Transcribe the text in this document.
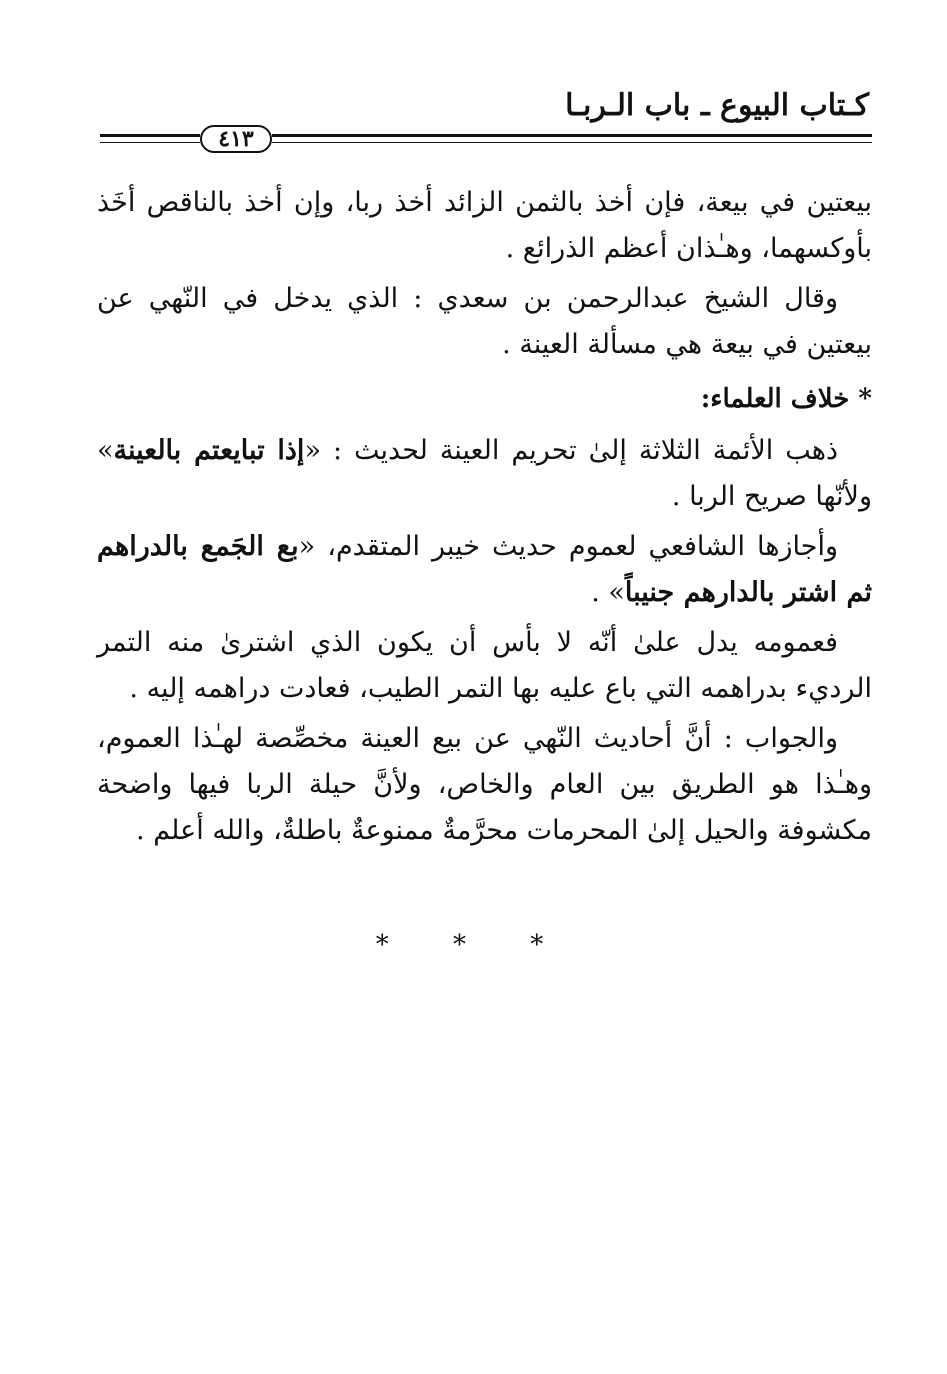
كـتاب البيوع ـ باب الـربـا
٤١٣

بيعتين في بيعة، فإن أخذ بالثمن الزائد أخذ ربا، وإن أخذ بالناقص أخَذ بأوكسهما، وهـٰذان أعظم الذرائع .

وقال الشيخ عبدالرحمن بن سعدي : الذي يدخل في النّهي عن بيعتين في بيعة هي مسألة العينة .

* خلاف العلماء:

ذهب الأئمة الثلاثة إلىٰ تحريم العينة لحديث : «إذا تبايعتم بالعينة» ولأنّها صريح الربا .

وأجازها الشافعي لعموم حديث خيبر المتقدم، «بع الجَمع بالدراهم ثم اشتر بالدارهم جنيباً» .

فعمومه يدل علىٰ أنّه لا بأس أن يكون الذي اشترىٰ منه التمر الرديء بدراهمه التي باع عليه بها التمر الطيب، فعادت دراهمه إليه .

والجواب : أنَّ أحاديث النّهي عن بيع العينة مخصِّصة لهـٰذا العموم، وهـٰذا هو الطريق بين العام والخاص، ولأنَّ حيلة الربا فيها واضحة مكشوفة والحيل إلىٰ المحرمات محرَّمةٌ ممنوعةٌ باطلةٌ، والله أعلم .

* * *
